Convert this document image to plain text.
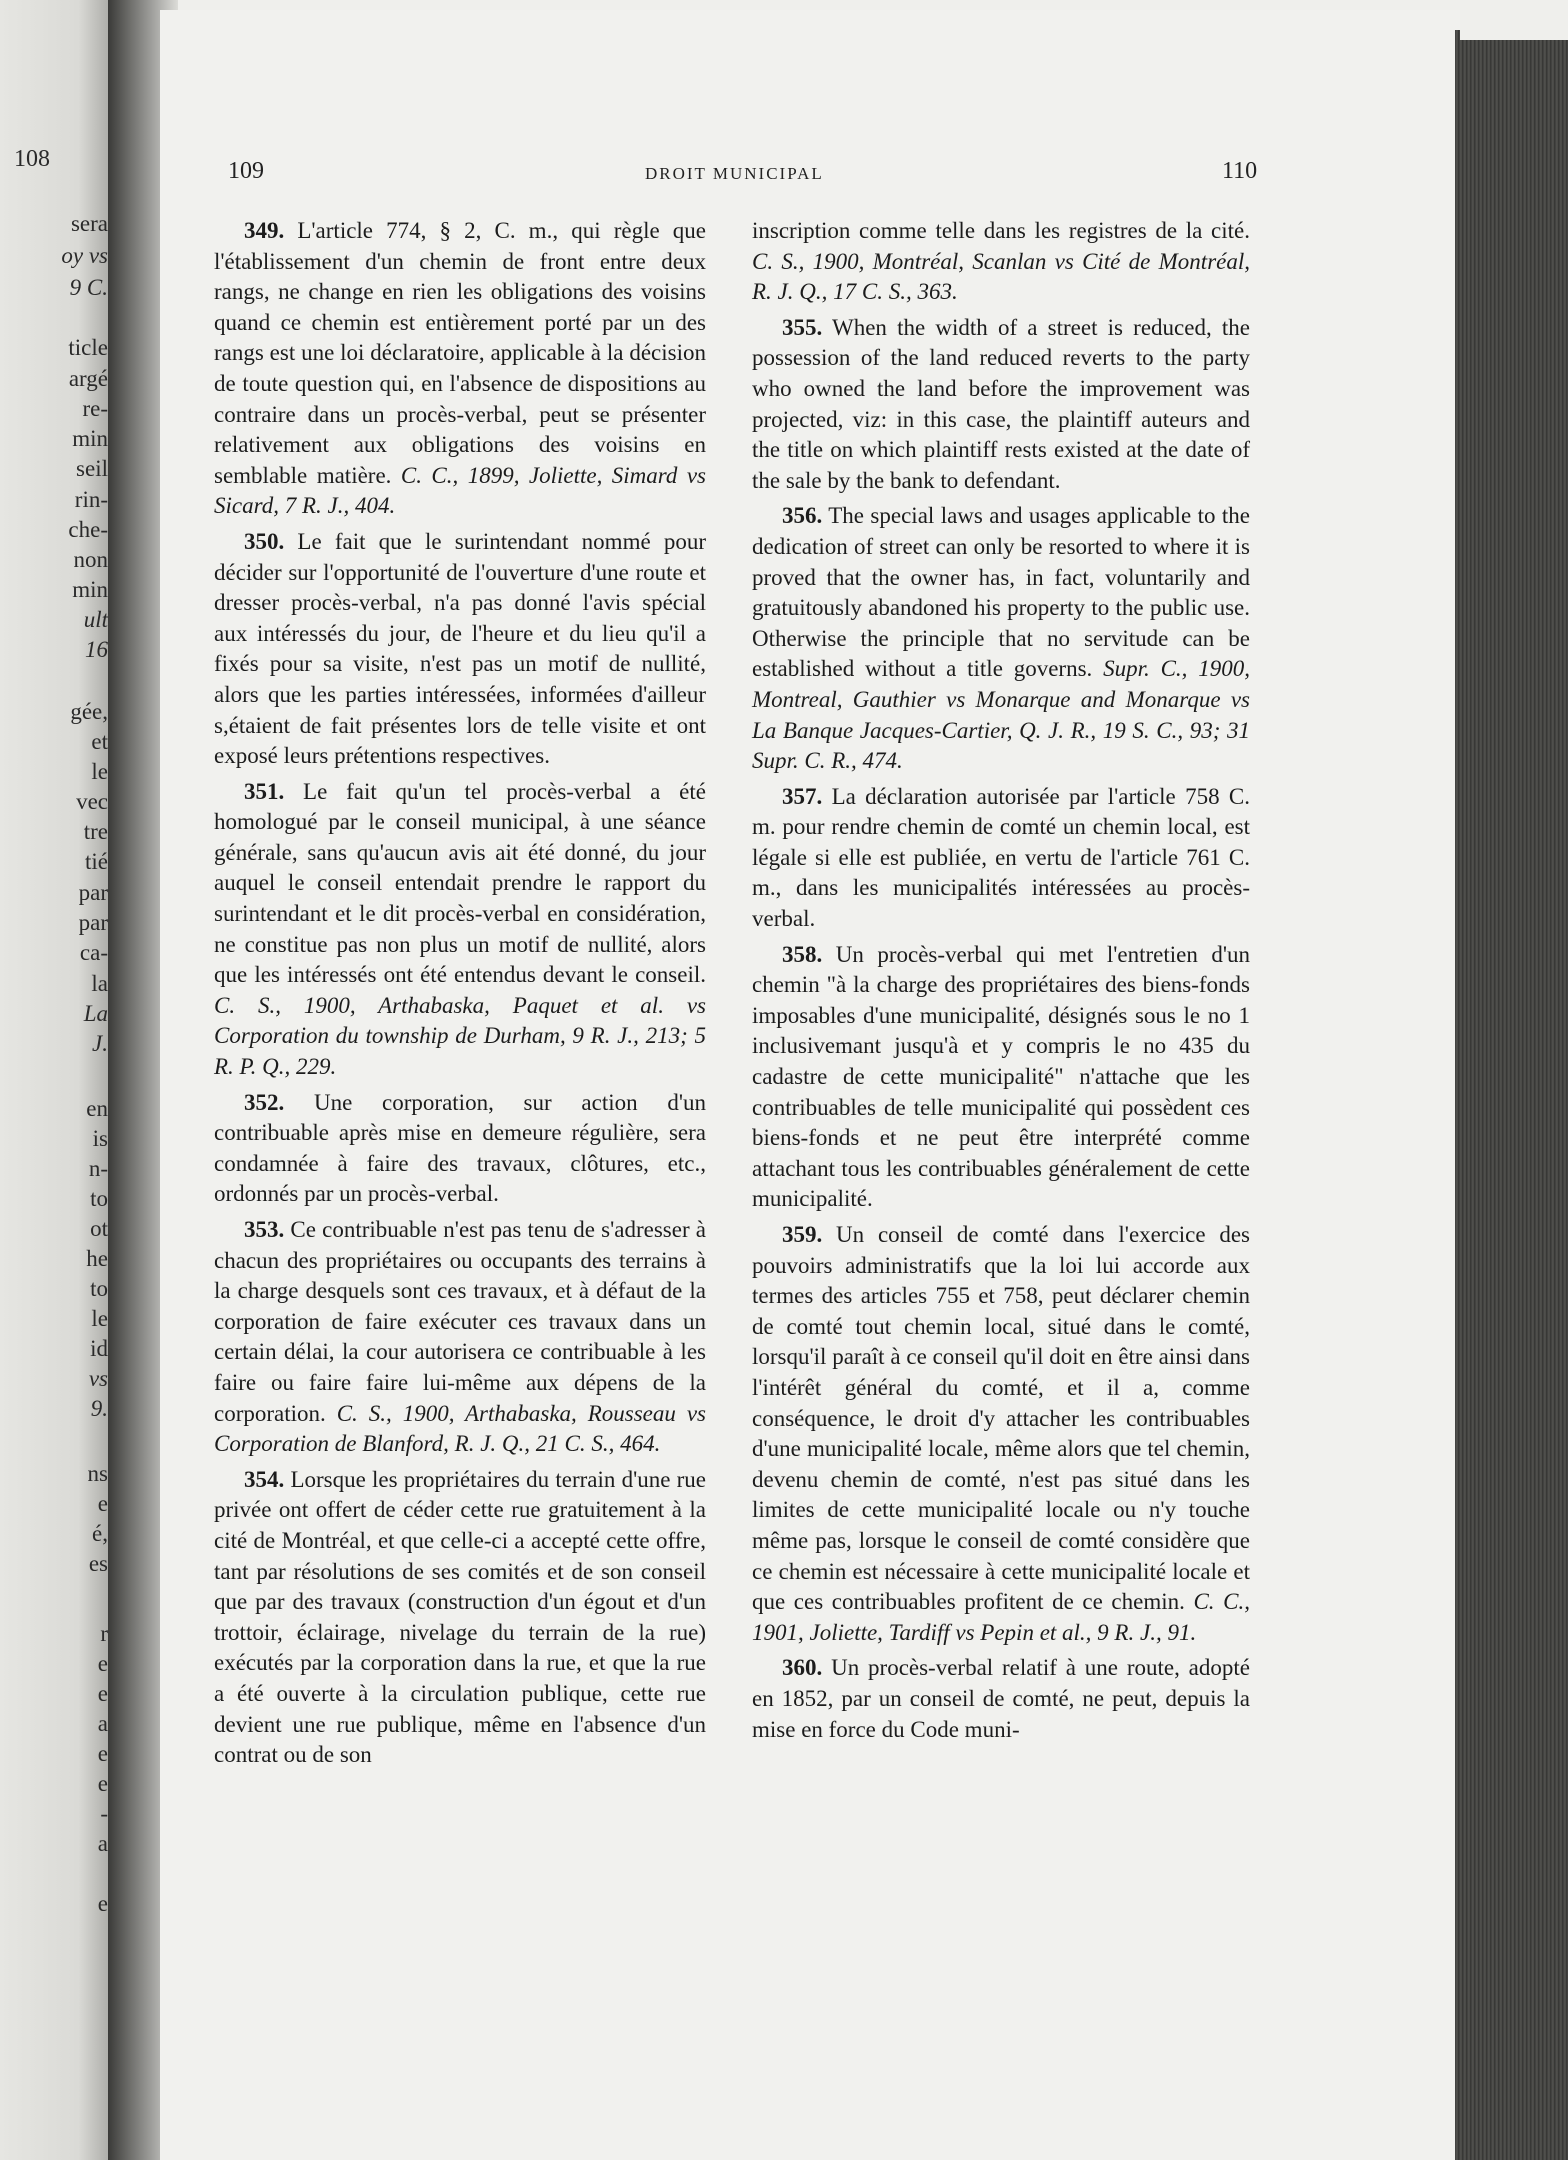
108
sera
oy vs
9 C.
ticle
argé
re-
min
seil
rin-
che-
non
min
ult
16
gée,
et
le
vec
tre
tié
par
par
ca-
la
La
J.
en
is
n-
to
ot
he
to
le
id
vs
9.
ns
e
é,
es
r
e
e
a
e
e
-
a
e
109	DROIT MUNICIPAL	110

349. L'article 774, § 2, C. m., qui règle que l'établissement d'un chemin de front entre deux rangs, ne change en rien les obligations des voisins quand ce chemin est entièrement porté par un des rangs est une loi déclaratoire, applicable à la décision de toute question qui, en l'absence de dispositions au contraire dans un procès-verbal, peut se présenter relativement aux obligations des voisins en semblable matière. C. C., 1899, Joliette, Simard vs Sicard, 7 R. J., 404.

350. Le fait que le surintendant nommé pour décider sur l'opportunité de l'ouverture d'une route et dresser procès-verbal, n'a pas donné l'avis spécial aux intéressés du jour, de l'heure et du lieu qu'il a fixés pour sa visite, n'est pas un motif de nullité, alors que les parties intéressées, informées d'ailleur s,étaient de fait présentes lors de telle visite et ont exposé leurs prétentions respectives.

351. Le fait qu'un tel procès-verbal a été homologué par le conseil municipal, à une séance générale, sans qu'aucun avis ait été donné, du jour auquel le conseil entendait prendre le rapport du surintendant et le dit procès-verbal en considération, ne constitue pas non plus un motif de nullité, alors que les intéressés ont été entendus devant le conseil. C. S., 1900, Arthabaska, Paquet et al. vs Corporation du township de Durham, 9 R. J., 213; 5 R. P. Q., 229.

352. Une corporation, sur action d'un contribuable après mise en demeure régulière, sera condamnée à faire des travaux, clôtures, etc., ordonnés par un procès-verbal.

353. Ce contribuable n'est pas tenu de s'adresser à chacun des propriétaires ou occupants des terrains à la charge desquels sont ces travaux, et à défaut de la corporation de faire exécuter ces travaux dans un certain délai, la cour autorisera ce contribuable à les faire ou faire faire lui-même aux dépens de la corporation. C. S., 1900, Arthabaska, Rousseau vs Corporation de Blanford, R. J. Q., 21 C. S., 464.

354. Lorsque les propriétaires du terrain d'une rue privée ont offert de céder cette rue gratuitement à la cité de Montréal, et que celle-ci a accepté cette offre, tant par résolutions de ses comités et de son conseil que par des travaux (construction d'un égout et d'un trottoir, éclairage, nivelage du terrain de la rue) exécutés par la corporation dans la rue, et que la rue a été ouverte à la circulation publique, cette rue devient une rue publique, même en l'absence d'un contrat ou de son

inscription comme telle dans les registres de la cité. C. S., 1900, Montréal, Scanlan vs Cité de Montréal, R. J. Q., 17 C. S., 363.

355. When the width of a street is reduced, the possession of the land reduced reverts to the party who owned the land before the improvement was projected, viz: in this case, the plaintiff auteurs and the title on which plaintiff rests existed at the date of the sale by the bank to defendant.

356. The special laws and usages applicable to the dedication of street can only be resorted to where it is proved that the owner has, in fact, voluntarily and gratuitously abandoned his property to the public use. Otherwise the principle that no servitude can be established without a title governs. Supr. C., 1900, Montreal, Gauthier vs Monarque and Monarque vs La Banque Jacques-Cartier, Q. J. R., 19 S. C., 93; 31 Supr. C. R., 474.

357. La déclaration autorisée par l'article 758 C. m. pour rendre chemin de comté un chemin local, est légale si elle est publiée, en vertu de l'article 761 C. m., dans les municipalités intéressées au procès-verbal.

358. Un procès-verbal qui met l'entretien d'un chemin "à la charge des propriétaires des biens-fonds imposables d'une municipalité, désignés sous le no 1 inclusivemant jusqu'à et y compris le no 435 du cadastre de cette municipalité" n'attache que les contribuables de telle municipalité qui possèdent ces biens-fonds et ne peut être interprété comme attachant tous les contribuables généralement de cette municipalité.

359. Un conseil de comté dans l'exercice des pouvoirs administratifs que la loi lui accorde aux termes des articles 755 et 758, peut déclarer chemin de comté tout chemin local, situé dans le comté, lorsqu'il paraît à ce conseil qu'il doit en être ainsi dans l'intérêt général du comté, et il a, comme conséquence, le droit d'y attacher les contribuables d'une municipalité locale, même alors que tel chemin, devenu chemin de comté, n'est pas situé dans les limites de cette municipalité locale ou n'y touche même pas, lorsque le conseil de comté considère que ce chemin est nécessaire à cette municipalité locale et que ces contribuables profitent de ce chemin. C. C., 1901, Joliette, Tardiff vs Pepin et al., 9 R. J., 91.

360. Un procès-verbal relatif à une route, adopté en 1852, par un conseil de comté, ne peut, depuis la mise en force du Code muni-
